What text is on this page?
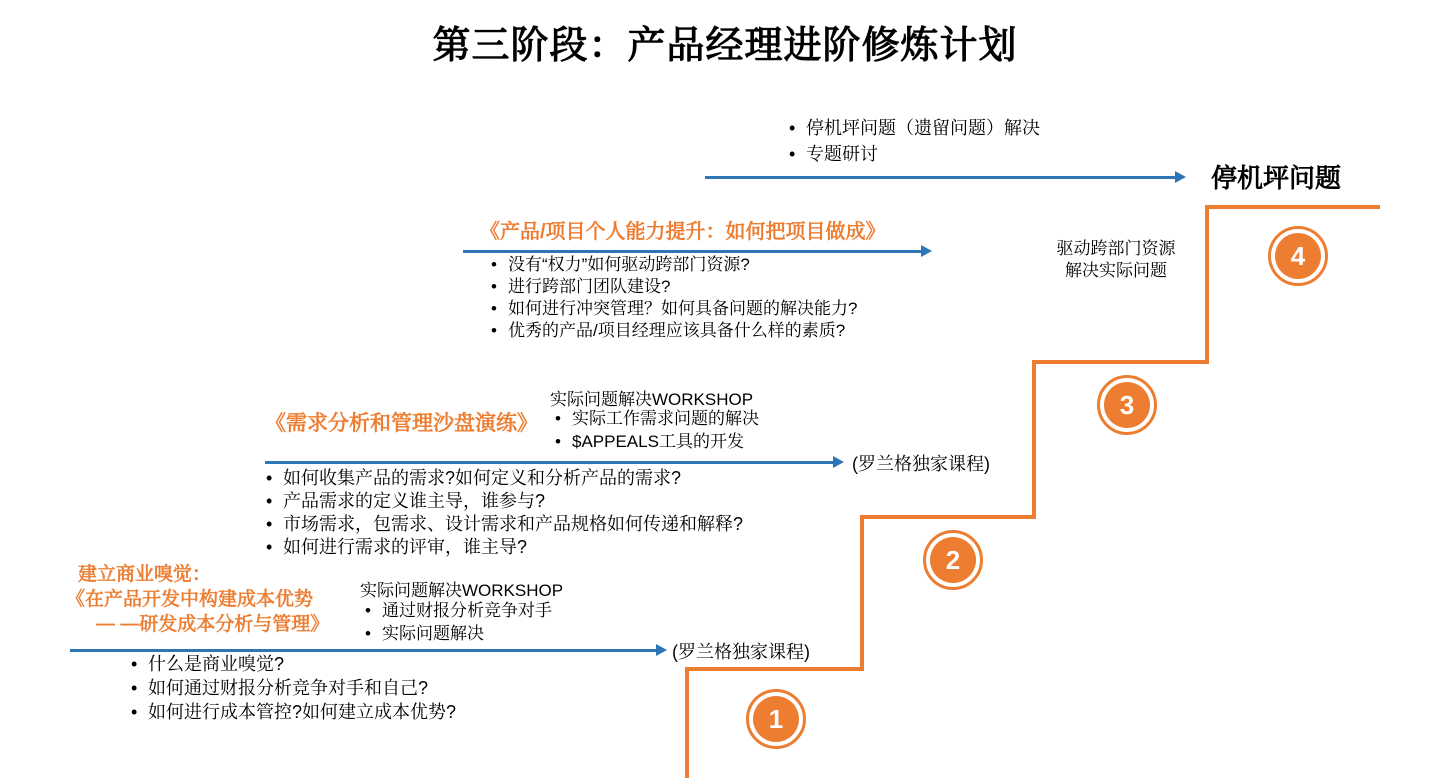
第三阶段：产品经理进阶修炼计划
1
2
3
4
• 停机坪问题（遗留问题）解决
• 专题研讨

停机坪问题

《产品/项目个人能力提升：如何把项目做成》

• 没有“权力”如何驱动跨部门资源?
• 进行跨部门团队建设?
• 如何进行冲突管理？如何具备问题的解决能力?
• 优秀的产品/项目经理应该具备什么样的素质?
驱动跨部门资源
解决实际问题

《需求分析和管理沙盘演练》

实际问题解决WORKSHOP
• 实际工作需求问题的解决
• $APPEALS工具的开发
(罗兰格独家课程)
• 如何收集产品的需求?如何定义和分析产品的需求?
• 产品需求的定义谁主导，谁参与?
• 市场需求，包需求、设计需求和产品规格如何传递和解释?
• 如何进行需求的评审，谁主导?
建立商业嗅觉：
《在产品开发中构建成本优势
— —研发成本分析与管理》
实际问题解决WORKSHOP
• 通过财报分析竞争对手
• 实际问题解决
(罗兰格独家课程)
• 什么是商业嗅觉?
• 如何通过财报分析竞争对手和自己?
• 如何进行成本管控?如何建立成本优势?
